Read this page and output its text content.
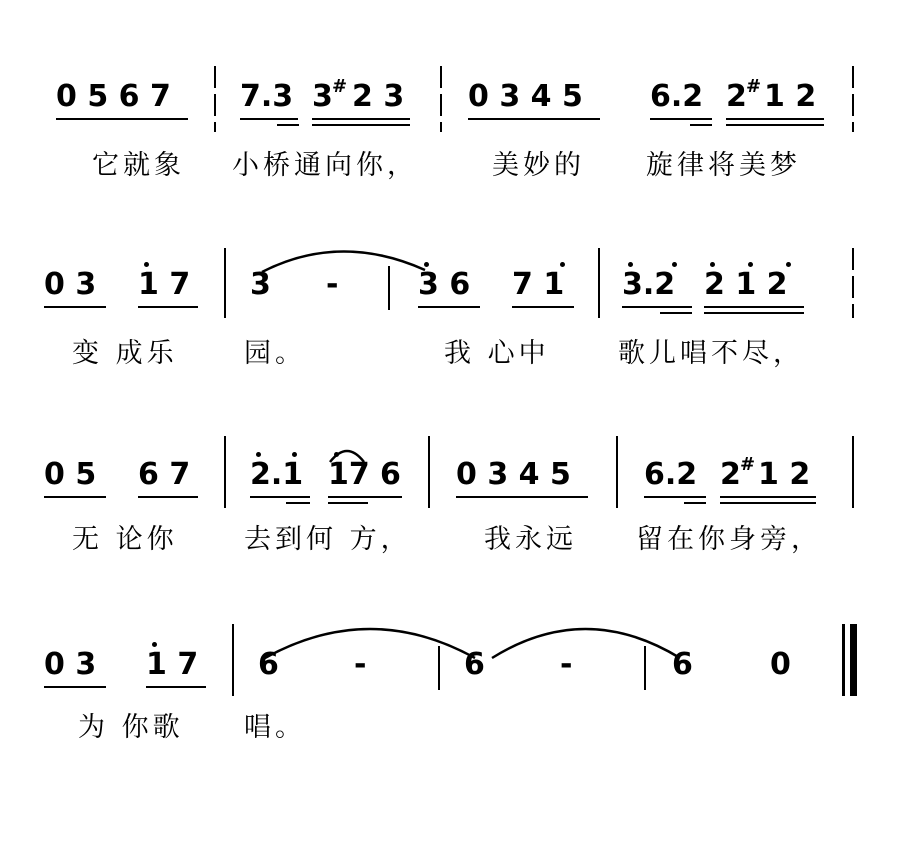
0 5 6 7 7.3 3 # 2 3 0 3 4 5 6.2 2 # 1 2
它就象 小桥通向你，	美妙的 旋律将美梦
0 3 1 7 3 -	3 6 7 1 3.2 2 1 2
变 成乐 园。	我 心中	歌儿唱不尽，
0 5 6 7 2.1 17 6 0 3 4 5 6.2 2 # 1 2
无 论你 去到何 方，	我永远 留在你身旁，
0 3 1 7 6	-	6	-	6	0
为 你歌 唱。
